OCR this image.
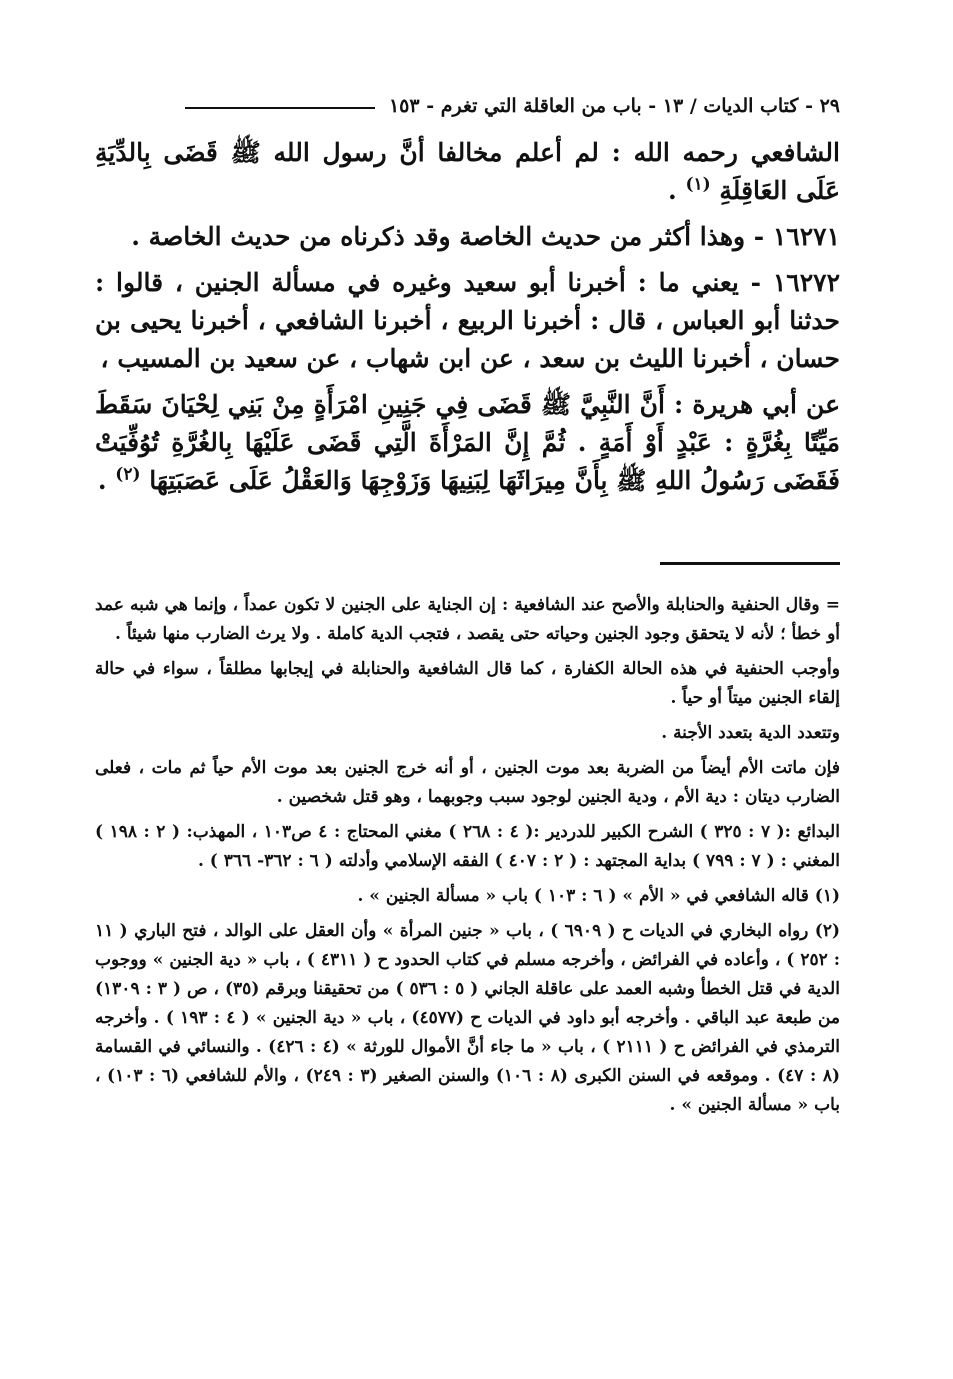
٢٩ - كتاب الديات / ١٣ - باب من العاقلة التي تغرم - ١٥٣

الشافعي رحمه الله : لم أعلم مخالفا أنَّ رسول الله ﷺ قَضَى بِالدِّيَةِ عَلَى العَاقِلَةِ $^{(١)}$ .

١٦٢٧١ - وهذا أكثر من حديث الخاصة وقد ذكرناه من حديث الخاصة .

١٦٢٧٢ - يعني ما : أخبرنا أبو سعيد وغيره في مسألة الجنين ، قالوا : حدثنا أبو العباس ، قال : أخبرنا الربيع ، أخبرنا الشافعي ، أخبرنا يحيى بن حسان ، أخبرنا الليث بن سعد ، عن ابن شهاب ، عن سعيد بن المسيب ،

عن أبي هريرة : أَنَّ النَّبِيَّ ﷺ قَضَى فِي جَنِينِ امْرَأَةٍ مِنْ بَنِي لِحْيَانَ سَقَطَ مَيِّتًا بِغُرَّةٍ : عَبْدٍ أَوْ أَمَةٍ . ثُمَّ إِنَّ المَرْأَةَ الَّتِي قَضَى عَلَيْهَا بِالغُرَّةِ تُوُفِّيَتْ فَقَضَى رَسُولُ اللهِ ﷺ بِأَنَّ مِيرَاثَهَا لِبَنِيهَا وَزَوْجِهَا وَالعَقْلُ عَلَى عَصَبَتِهَا $^{(٢)}$ .

= وقال الحنفية والحنابلة والأصح عند الشافعية : إن الجناية على الجنين لا تكون عمداً ، وإنما هي شبه عمد أو خطأ ؛ لأنه لا يتحقق وجود الجنين وحياته حتى يقصد ، فتجب الدية كاملة . ولا يرث الضارب منها شيئاً .

وأوجب الحنفية في هذه الحالة الكفارة ، كما قال الشافعية والحنابلة في إيجابها مطلقاً ، سواء في حالة إلقاء الجنين ميتاً أو حياً .

وتتعدد الدية بتعدد الأجنة .

فإن ماتت الأم أيضاً من الضربة بعد موت الجنين ، أو أنه خرج الجنين بعد موت الأم حياً ثم مات ، فعلى الضارب ديتان : دية الأم ، ودية الجنين لوجود سبب وجوبهما ، وهو قتل شخصين .

البدائع :( ٧ : ٣٢٥ ) الشرح الكبير للدردير :( ٤ : ٢٦٨ ) مغني المحتاج : ٤ ص١٠٣ ، المهذب: ( ٢ : ١٩٨ ) المغني : ( ٧ : ٧٩٩ ) بداية المجتهد : ( ٢ : ٤٠٧ ) الفقه الإسلامي وأدلته ( ٦ : ٣٦٢- ٣٦٦ ) .

(١) قاله الشافعي في « الأم » ( ٦ : ١٠٣ ) باب « مسألة الجنين » .

(٢) رواه البخاري في الديات ح ( ٦٩٠٩ ) ، باب « جنين المرأة » وأن العقل على الوالد ، فتح الباري ( ١١ : ٢٥٢ ) ، وأعاده في الفرائض ، وأخرجه مسلم في كتاب الحدود ح ( ٤٣١١ ) ، باب « دية الجنين » ووجوب الدية في قتل الخطأ وشبه العمد على عاقلة الجاني ( ٥ : ٥٣٦ ) من تحقيقنا وبرقم (٣٥) ، ص ( ٣ : ١٣٠٩) من طبعة عبد الباقي . وأخرجه أبو داود في الديات ح (٤٥٧٧) ، باب « دية الجنين » ( ٤ : ١٩٣ ) . وأخرجه الترمذي في الفرائض ح ( ٢١١١ ) ، باب « ما جاء أنَّ الأموال للورثة » (٤ : ٤٢٦) . والنسائي في القسامة (٨ : ٤٧) . وموقعه في السنن الكبرى (٨ : ١٠٦) والسنن الصغير (٣ : ٢٤٩) ، والأم للشافعي (٦ : ١٠٣) ، باب « مسألة الجنين » .
